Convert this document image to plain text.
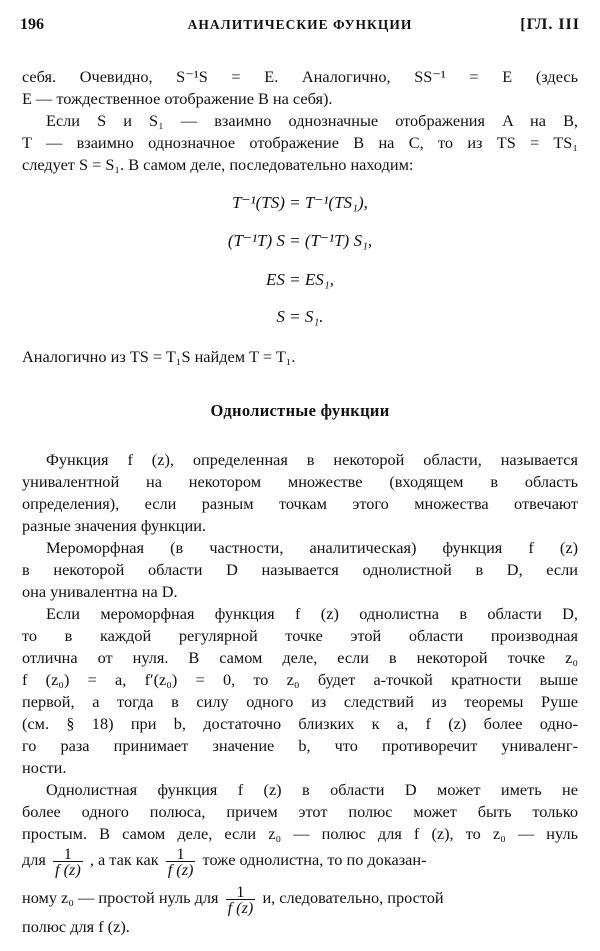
196	АНАЛИТИЧЕСКИЕ ФУНКЦИИ	[ГЛ. III
себя. Очевидно, S⁻¹S = E. Аналогично, SS⁻¹ = E (здесь
E — тождественное отображение B на себя).
Если S и S₁ — взаимно однозначные отображения A на B,
T — взаимно однозначное отображение B на C, то из TS = TS₁
следует S = S₁. В самом деле, последовательно находим:
T⁻¹(TS) = T⁻¹(TS₁),
(T⁻¹T) S = (T⁻¹T) S₁,
ES = ES₁,
S = S₁.
Аналогично из TS = T₁S найдем T = T₁.
Однолистные функции
Функция f (z), определенная в некоторой области, называется
унивалентной на некотором множестве (входящем в область
определения), если разным точкам этого множества отвечают
разные значения функции.
Мероморфная (в частности, аналитическая) функция f (z)
в некоторой области D называется однолистной в D, если
она унивалентна на D.
Если мероморфная функция f (z) однолистна в области D,
то в каждой регулярной точке этой области производная
отлична от нуля. В самом деле, если в некоторой точке z₀
f (z₀) = a, f′(z₀) = 0, то z₀ будет a-точкой кратности выше
первой, а тогда в силу одного из следствий из теоремы Руше
(см. § 18) при b, достаточно близких к a, f (z) более одно-
го раза принимает значение b, что противоречит униваленг-
ности.
Однолистная функция f (z) в области D может иметь не
более одного полюса, причем этот полюс может быть только
простым. В самом деле, если z₀ — полюс для f (z), то z₀ — нуль
для $\frac{1}{f (z)}$ , а так как $\frac{1}{f (z)}$ тоже однолистна, то по доказан-
ному z₀ — простой нуль для $\frac{1}{f (z)} и$, следовательно, простой
полюс для f (z).
